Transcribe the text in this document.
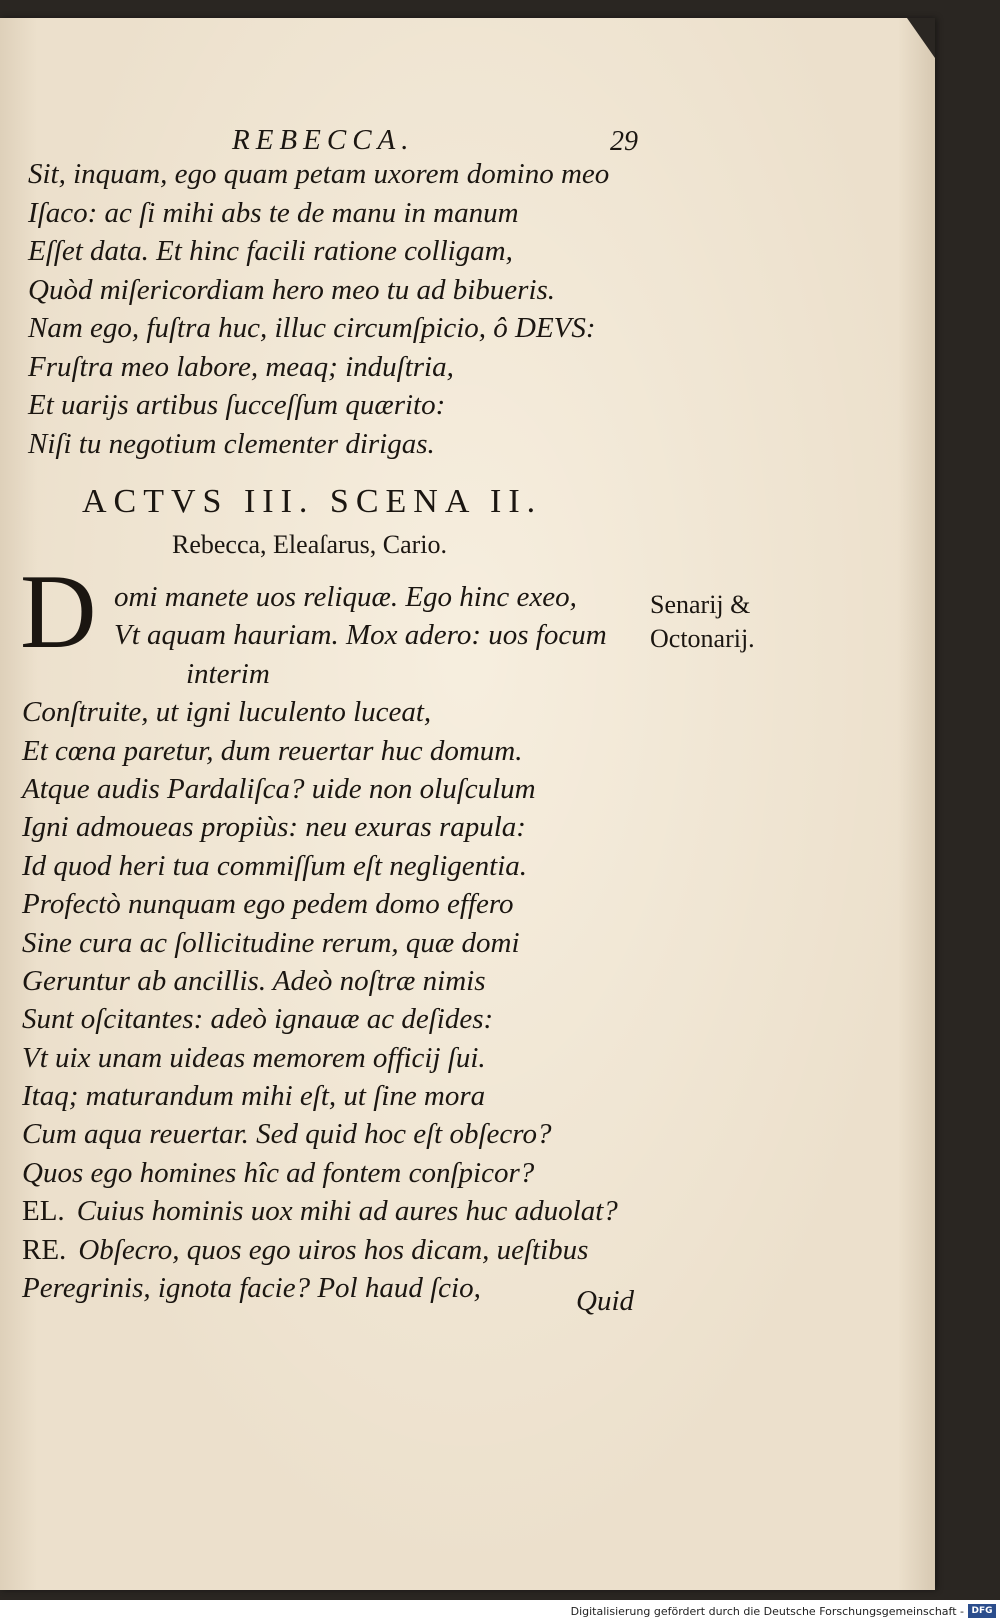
REBECCA.	29
Sit, inquam, ego quam petam uxorem domino meo
Iſaco: ac ſi mihi abs te de manu in manum
Eſſet data. Et hinc facili ratione colligam,
Quòd miſericordiam hero meo tu ad bibueris.
Nam ego, fuſtra huc, illuc circumſpicio, ô DEVS:
Fruſtra meo labore, meaq; induſtria,
Et uarijs artibus ſucceſſum quærito:
Niſi tu negotium clementer dirigas.
ACTVS III. SCENA II.
Rebecca, Eleaſarus, Cario.
D omi manete uos reliquæ. Ego hinc exeo,
Vt aquam hauriam. Mox adero: uos focum
interim
Conſtruite, ut igni luculento luceat,
Et cœna paretur, dum reuertar huc domum.
Atque audis Pardaliſca? uide non oluſculum
Igni admoueas propiùs: neu exuras rapula:
Id quod heri tua commiſſum eſt negligentia.
Profectò nunquam ego pedem domo effero
Sine cura ac ſollicitudine rerum, quæ domi
Geruntur ab ancillis. Adeò noſtræ nimis
Sunt oſcitantes: adeò ignauæ ac deſides:
Vt uix unam uideas memorem officij ſui.
Itaq; maturandum mihi eſt, ut ſine mora
Cum aqua reuertar. Sed quid hoc eſt obſecro?
Quos ego homines hîc ad fontem conſpicor?
EL. Cuius hominis uox mihi ad aures huc aduolat?
RE. Obſecro, quos ego uiros hos dicam, ueſtibus
Peregrinis, ignota facie? Pol haud ſcio,
Senarij &
Octonarij.
Quid
Digitalisierung gefördert durch die Deutsche Forschungsgemeinschaft - DFG
